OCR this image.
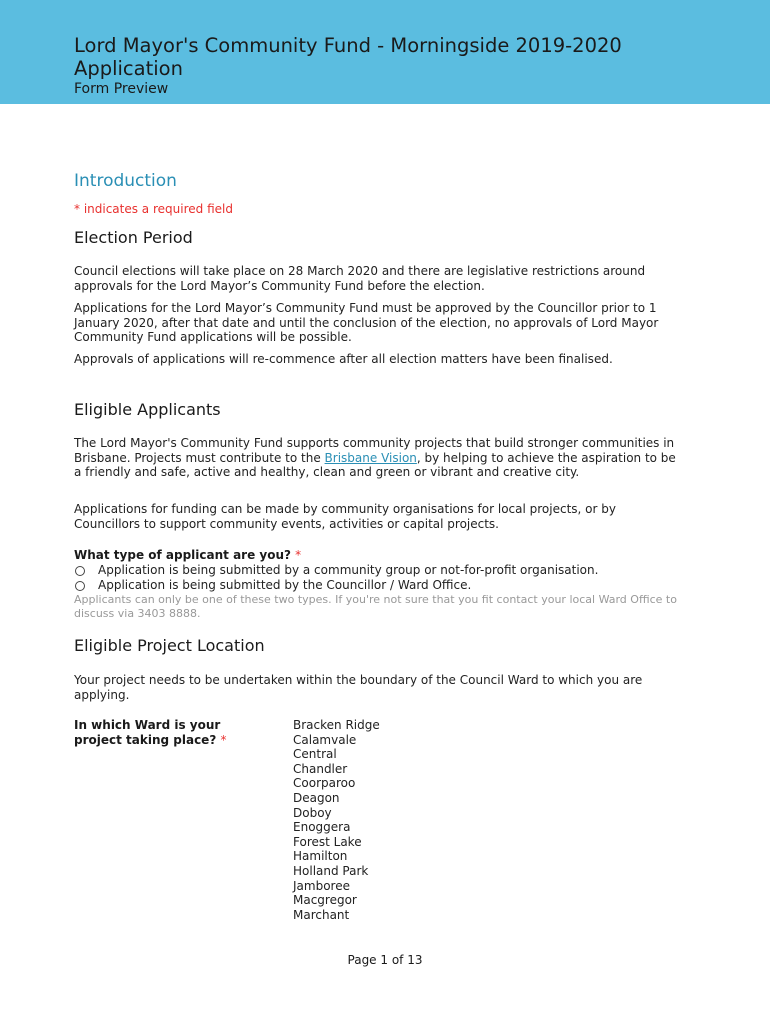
Lord Mayor's Community Fund - Morningside 2019-2020 Application
Form Preview
Introduction
* indicates a required field
Election Period
Council elections will take place on 28 March 2020 and there are legislative restrictions around approvals for the Lord Mayor’s Community Fund before the election.
Applications for the Lord Mayor’s Community Fund must be approved by the Councillor prior to 1 January 2020, after that date and until the conclusion of the election, no approvals of Lord Mayor Community Fund applications will be possible.
Approvals of applications will re-commence after all election matters have been finalised.
Eligible Applicants
The Lord Mayor's Community Fund supports community projects that build stronger communities in Brisbane. Projects must contribute to the Brisbane Vision, by helping to achieve the aspiration to be a friendly and safe, active and healthy, clean and green or vibrant and creative city.
Applications for funding can be made by community organisations for local projects, or by Councillors to support community events, activities or capital projects.
What type of applicant are you? *
Application is being submitted by a community group or not-for-profit organisation.
Application is being submitted by the Councillor / Ward Office.
Applicants can only be one of these two types. If you're not sure that you fit contact your local Ward Office to discuss via 3403 8888.
Eligible Project Location
Your project needs to be undertaken within the boundary of the Council Ward to which you are applying.
In which Ward is your project taking place? *
Bracken Ridge
Calamvale
Central
Chandler
Coorparoo
Deagon
Doboy
Enoggera
Forest Lake
Hamilton
Holland Park
Jamboree
Macgregor
Marchant
Page 1 of 13
